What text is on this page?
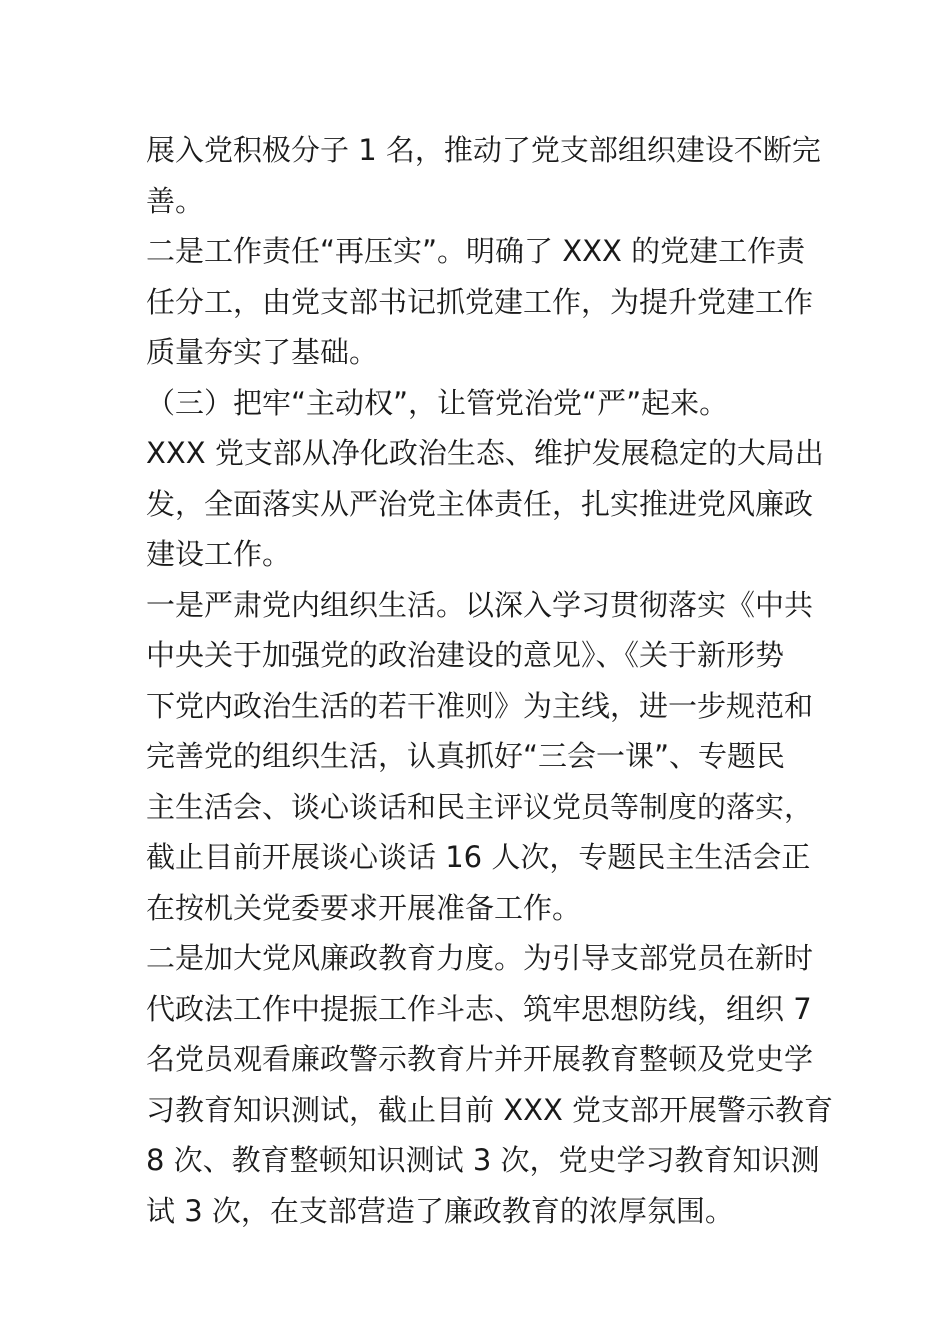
展入党积极分子 1 名，推动了党支部组织建设不断完
善。
二是工作责任“再压实”。明确了 XXX 的党建工作责
任分工，由党支部书记抓党建工作，为提升党建工作
质量夯实了基础。
（三）把牢“主动权”，让管党治党“严”起来。
XXX 党支部从净化政治生态、维护发展稳定的大局出
发，全面落实从严治党主体责任，扎实推进党风廉政
建设工作。
一是严肃党内组织生活。以深入学习贯彻落实《中共
中央关于加强党的政治建设的意见》、《关于新形势
下党内政治生活的若干准则》为主线，进一步规范和
完善党的组织生活，认真抓好“三会一课”、专题民
主生活会、谈心谈话和民主评议党员等制度的落实，
截止目前开展谈心谈话 16 人次，专题民主生活会正
在按机关党委要求开展准备工作。
二是加大党风廉政教育力度。为引导支部党员在新时
代政法工作中提振工作斗志、筑牢思想防线，组织 7
名党员观看廉政警示教育片并开展教育整顿及党史学
习教育知识测试，截止目前 XXX 党支部开展警示教育
8 次、教育整顿知识测试 3 次，党史学习教育知识测
试 3 次，在支部营造了廉政教育的浓厚氛围。
